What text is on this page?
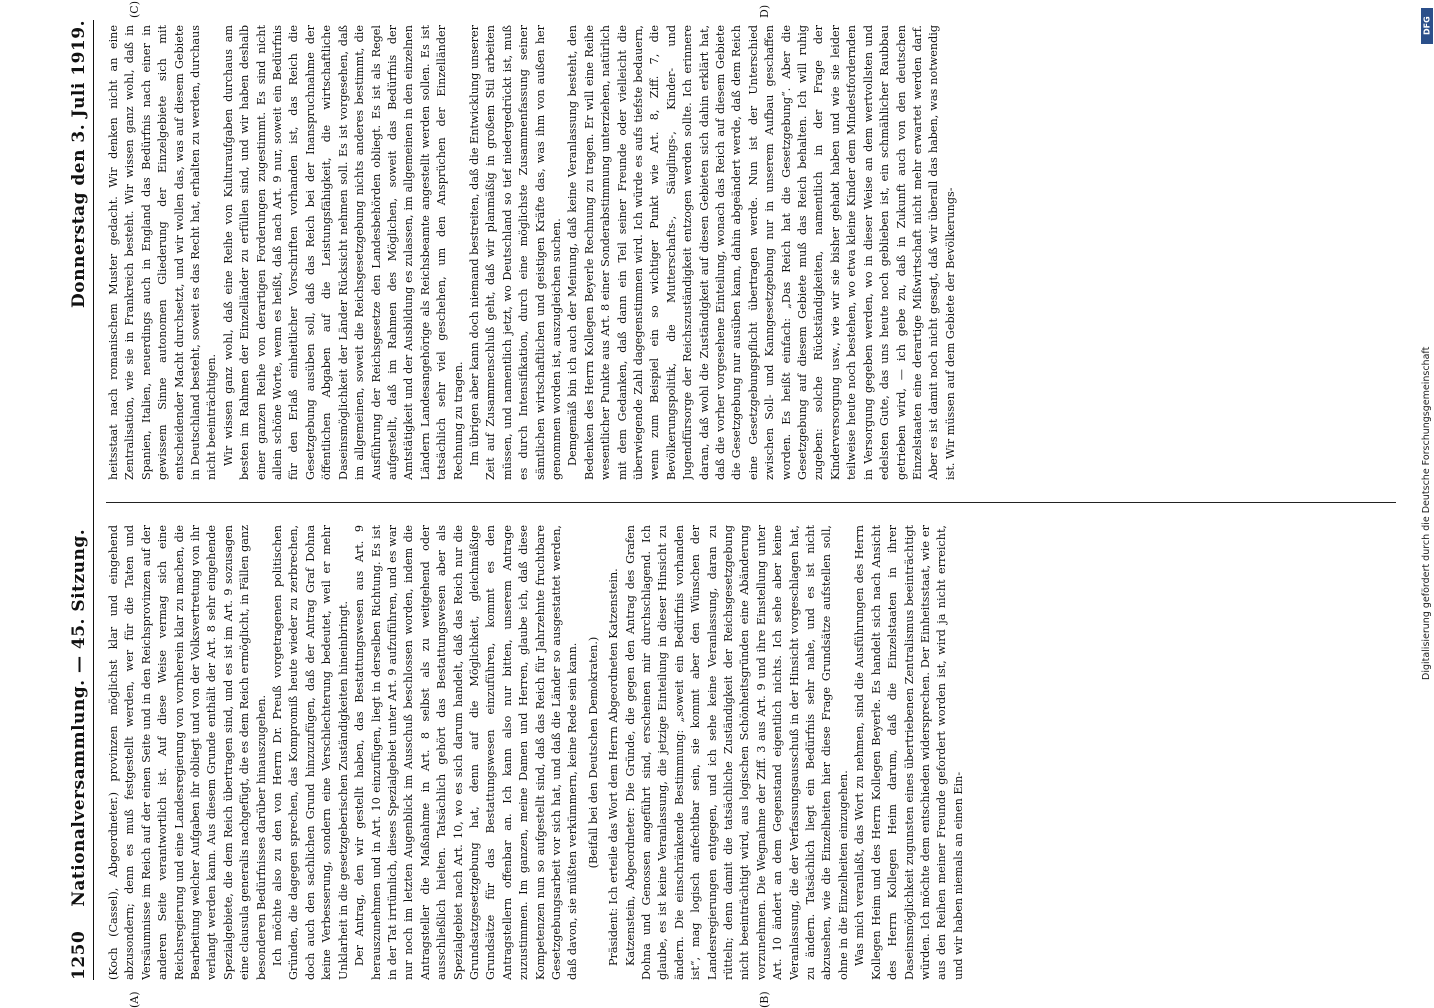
1250
Nationalversammlung. — 45. Sitzung.
Donnerstag den 3. Juli 1919.

(Koch (Cassel), Abgeordneter.) provinzen möglichst klar und eingehend abzusondern; denn es muß festgestellt werden, wer für die Taten und Versäumnisse im Reich auf der einen Seite und in den Reichsprovinzen auf der anderen Seite verantwortlich ist. Auf diese Weise vermag sich eine Reichsregierung und eine Landesregierung von vornherein klar zu machen, die Bearbeitung welcher Aufgaben ihr obliegt und von der Volksvertretung von ihr verlangt werden kann. Aus diesem Grunde enthält der Art. 8 sehr eingehende Spezialgebiete, die dem Reich übertragen sind, und es ist im Art. 9 sozusagen eine clausula generalis nachgefügt, die es dem Reich ermöglicht, in Fällen ganz besonderen Bedürfnisses darüber hinauszugehen. Ich möchte also zu den von Herrn Dr. Preuß vorgetragenen politischen Gründen, die dagegen sprechen, das Kompromiß heute wieder zu zerbrechen, doch auch den sachlichen Grund hinzuzufügen, daß der Antrag Graf Dohna keine Verbesserung, sondern eine Verschlechterung bedeutet, weil er mehr Unklarheit in die gesetzgeberischen Zuständigkeiten hineinbringt. Der Antrag, den wir gestellt haben, das Bestattungswesen aus Art. 9 herauszunehmen und in Art. 10 einzufügen, liegt in derselben Richtung. Es ist in der Tat irrtümlich, dieses Spezialgebiet unter Art. 9 aufzuführen, und es war nur noch im letzten Augenblick im Ausschuß beschlossen worden, indem die Antragsteller die Maßnahme in Art. 8 selbst als zu weitgehend oder ausschließlich hielten. Tatsächlich gehört das Bestattungswesen aber als Spezialgebiet nach Art. 10, wo es sich darum handelt, daß das Reich nur die Grundsatzgesetzgebung hat, denn auf die Möglichkeit, gleichmäßige Grundsätze für das Bestattungswesen einzuführen, kommt es den Antragstellern offenbar an. Ich kann also nur bitten, unserem Antrage zuzustimmen. Im ganzen, meine Damen und Herren, glaube ich, daß diese Kompetenzen nun so aufgestellt sind, daß das Reich für Jahrzehnte fruchtbare Gesetzgebungsarbeit vor sich hat, und daß die Länder so ausgestattet werden, daß davon, sie müßten verkümmern, keine Rede sein kann. (Beifall bei den Deutschen Demokraten.) Präsident: Ich erteile das Wort dem Herrn Abgeordneten Katzenstein. Katzenstein, Abgeordneter: Die Gründe, die gegen den Antrag des Grafen Dohna und Genossen angeführt sind, erscheinen mir durchschlagend. Ich glaube, es ist keine Veranlassung, die jetzige Einteilung in dieser Hinsicht zu ändern. Die einschränkende Bestimmung: „soweit ein Bedürfnis vorhanden ist“, mag logisch anfechtbar sein, sie kommt aber den Wünschen der Landesregierungen entgegen, und ich sehe keine Veranlassung, daran zu rütteln; denn damit die tatsächliche Zuständigkeit der Reichsgesetzgebung nicht beeinträchtigt wird, aus logischen Schönheitsgründen eine Abänderung vorzunehmen. Die Wegnahme der Ziff. 3 aus Art. 9 und ihre Einstellung unter Art. 10 ändert an dem Gegenstand eigentlich nichts. Ich sehe aber keine Veranlassung, die der Verfassungsausschuß in der Hinsicht vorgeschlagen hat, zu ändern. Tatsächlich liegt ein Bedürfnis sehr nahe, und es ist nicht abzusehen, wie die Einzelheiten hier diese Frage Grundsätze aufstellen soll, ohne in die Einzelheiten einzugehen. Was mich veranlaßt, das Wort zu nehmen, sind die Ausführungen des Herrn Kollegen Heim und des Herrn Kollegen Beyerle. Es handelt sich nach Ansicht des Herrn Kollegen Heim darum, daß die Einzelstaaten in ihrer Daseinsmöglichkeit zugunsten eines übertriebenen Zentralismus beeinträchtigt würden. Ich möchte dem entschieden widersprechen. Der Einheitsstaat, wie er aus den Reihen meiner Freunde gefordert worden ist, wird ja nicht erreicht, und wir haben niemals an einen Ein-

heitsstaat nach romanischem Muster gedacht. Wir denken nicht an eine Zentralisation, wie sie in Frankreich besteht. Wir wissen ganz wohl, daß in Spanien, Italien, neuerdings auch in England das Bedürfnis nach einer in gewissem Sinne autonomen Gliederung der Einzelgebiete sich mit entscheidender Macht durchsetzt, und wir wollen das, was auf diesem Gebiete in Deutschland besteht, soweit es das Recht hat, erhalten zu werden, durchaus nicht beeinträchtigen. Wir wissen ganz wohl, daß eine Reihe von Kulturaufgaben durchaus am besten im Rahmen der Einzelländer zu erfüllen sind, und wir haben deshalb einer ganzen Reihe von derartigen Forderungen zugestimmt. Es sind nicht allein schöne Worte, wenn es heißt, daß nach Art. 9 nur, soweit ein Bedürfnis für den Erlaß einheitlicher Vorschriften vorhanden ist, das Reich die Gesetzgebung ausüben soll, daß das Reich bei der Inanspruchnahme der öffentlichen Abgaben auf die Leistungsfähigkeit, die wirtschaftliche Daseinsmöglichkeit der Länder Rücksicht nehmen soll. Es ist vorgesehen, daß im allgemeinen, soweit die Reichsgesetzgebung nichts anderes bestimmt, die Ausführung der Reichsgesetze den Landesbehörden obliegt. Es ist als Regel aufgestellt, daß im Rahmen des Möglichen, soweit das Bedürfnis der Amtstätigkeit und der Ausbildung es zulassen, im allgemeinen in den einzelnen Ländern Landesangehörige als Reichsbeamte angestellt werden sollen. Es ist tatsächlich sehr viel geschehen, um den Ansprüchen der Einzelländer Rechnung zu tragen. Im übrigen aber kann doch niemand bestreiten, daß die Entwicklung unserer Zeit auf Zusammenschluß geht, daß wir planmäßig in großem Stil arbeiten müssen, und namentlich jetzt, wo Deutschland so tief niedergedrückt ist, muß es durch Intensifikation, durch eine möglichste Zusammenfassung seiner sämtlichen wirtschaftlichen und geistigen Kräfte das, was ihm von außen her genommen worden ist, auszugleichen suchen. Demgemäß bin ich auch der Meinung, daß keine Veranlassung besteht, den Bedenken des Herrn Kollegen Beyerle Rechnung zu tragen. Er will eine Reihe wesentlicher Punkte aus Art. 8 einer Sonderabstimmung unterziehen, natürlich mit dem Gedanken, daß dann ein Teil seiner Freunde oder vielleicht die überwiegende Zahl dagegenstimmen wird. Ich würde es aufs tiefste bedauern, wenn zum Beispiel ein so wichtiger Punkt wie Art. 8, Ziff. 7, die Bevölkerungspolitik, die Mutterschafts-, Säuglings-, Kinder- und Jugendfürsorge der Reichszuständigkeit entzogen werden sollte. Ich erinnere daran, daß wohl die Zuständigkeit auf diesen Gebieten sich dahin erklärt hat, daß die vorher vorgesehene Einteilung, wonach das Reich auf diesem Gebiete die Gesetzgebung nur ausüben kann, dahin abgeändert werde, daß dem Reich eine Gesetzgebungspflicht übertragen werde. Nun ist der Unterschied zwischen Soll- und Kanngesetzgebung nur in unserem Aufbau geschaffen worden. Es heißt einfach: „Das Reich hat die Gesetzgebung“. Aber die Gesetzgebung auf diesem Gebiete muß das Reich behalten. Ich will ruhig zugeben: solche Rückständigkeiten, namentlich in der Frage der Kinderversorgung usw., wie wir sie bisher gehabt haben und wie sie leider teilweise heute noch bestehen, wo etwa kleine Kinder dem Mindestfordernden in Versorgung gegeben werden, wo in dieser Weise an dem wertvollsten und edelsten Gute, das uns heute noch geblieben ist, ein schmählicher Raubbau getrieben wird, — ich gebe zu, daß in Zukunft auch von den deutschen Einzelstaaten eine derartige Mißwirtschaft nicht mehr erwartet werden darf. Aber es ist damit noch nicht gesagt, daß wir überall das haben, was notwendig ist. Wir müssen auf dem Gebiete der Bevölkerungs-

(A)	(B)
(C)	D)
DFG
Digitalisierung gefördert durch die Deutsche Forschungsgemeinschaft
